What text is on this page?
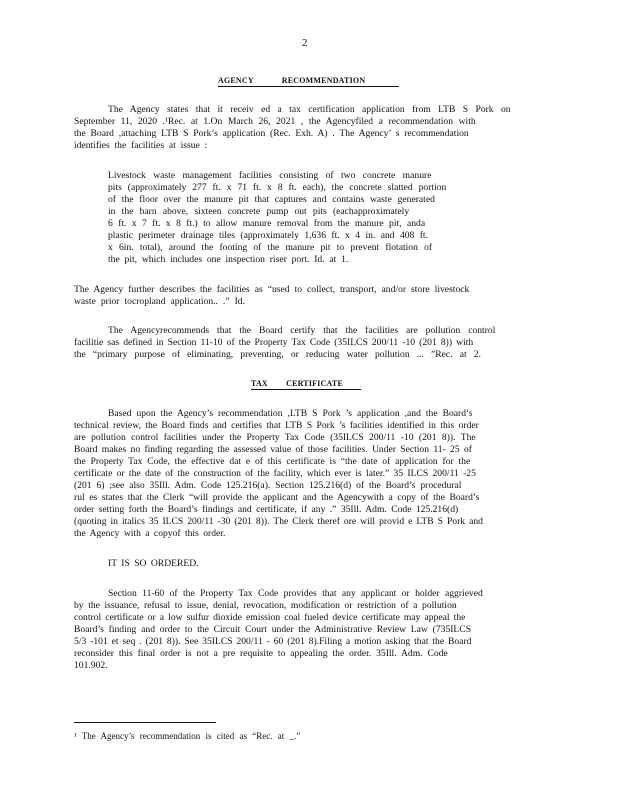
2
AGENCY RECOMMENDATION
The Agency states that it receiv ed a tax certification application from LTB S Pork on
September 11, 2020 .¹Rec. at 1.On March 26, 2021 , the Agencyfiled a recommendation with
the Board ,attaching LTB S Pork’s application (Rec. Exh. A) . The Agency’ s recommendation
identifies the facilities at issue :
Livestock waste management facilities consisting of two concrete manure
pits (approximately 277 ft. x 71 ft. x 8 ft. each), the concrete slatted portion
of the floor over the manure pit that captures and contains waste generated
in the barn above, sixteen concrete pump out pits (eachapproximately
6 ft. x 7 ft. x 8 ft.) to allow manure removal from the manure pit, anda
plastic perimeter drainage tiles (approximately 1,636 ft. x 4 in. and 408 ft.
x 6in. total), around the footing of the manure pit to prevent flotation of
the pit, which includes one inspection riser port. Id. at 1.
The Agency further describes the facilities as “used to collect, transport, and/or store livestock
waste prior tocropland application.. .” Id.
The Agencyrecommends that the Board certify that the facilities are pollution control
facilitie sas defined in Section 11-10 of the Property Tax Code (35ILCS 200/11 -10 (201 8)) with
the “primary purpose of eliminating, preventing, or reducing water pollution ... ”Rec. at 2.
TAX CERTIFICATE
Based upon the Agency’s recommendation ,LTB S Pork ’s application ,and the Board’s
technical review, the Board finds and certifies that LTB S Pork ’s facilities identified in this order
are pollution control facilities under the Property Tax Code (35ILCS 200/11 -10 (201 8)). The
Board makes no finding regarding the assessed value of those facilities. Under Section 11- 25 of
the Property Tax Code, the effective dat e of this certificate is “the date of application for the
certificate or the date of the construction of the facility, which ever is later.” 35 ILCS 200/11 -25
(201 6) ;see also 35Ill. Adm. Code 125.216(a). Section 125.216(d) of the Board’s procedural
rul es states that the Clerk “will provide the applicant and the Agencywith a copy of the Board’s
order setting forth the Board’s findings and certificate, if any .” 35Ill. Adm. Code 125.216(d)
(quoting in italics 35 ILCS 200/11 -30 (201 8)). The Clerk theref ore will provid e LTB S Pork and
the Agency with a copyof this order.
IT IS SO ORDERED.
Section 11-60 of the Property Tax Code provides that any applicant or holder aggrieved
by the issuance, refusal to issue, denial, revocation, modification or restriction of a pollution
control certificate or a low sulfur dioxide emission coal fueled device certificate may appeal the
Board’s finding and order to the Circuit Court under the Administrative Review Law (735ILCS
5/3 -101 et seq . (201 8)). See 35ILCS 200/11 - 60 (201 8).Filing a motion asking that the Board
reconsider this final order is not a pre requisite to appealing the order. 35Ill. Adm. Code
101.902.
¹ The Agency’s recommendation is cited as “Rec. at _.”
